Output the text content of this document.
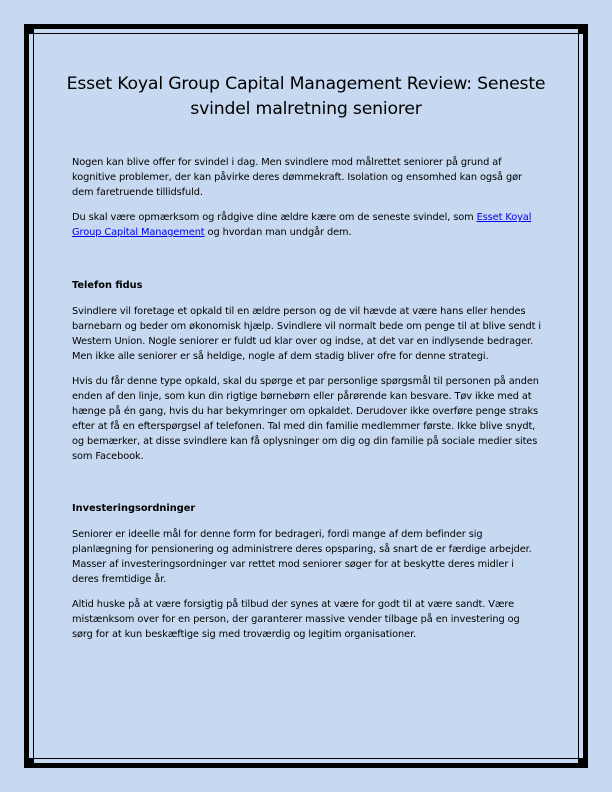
Esset Koyal Group Capital Management Review: Seneste svindel malretning seniorer

Nogen kan blive offer for svindel i dag. Men svindlere mod målrettet seniorer på grund af kognitive problemer, der kan påvirke deres dømmekraft. Isolation og ensomhed kan også gør dem faretruende tillidsfuld.

Du skal være opmærksom og rådgive dine ældre kære om de seneste svindel, som Esset Koyal Group Capital Management og hvordan man undgår dem.

Telefon fidus

Svindlere vil foretage et opkald til en ældre person og de vil hævde at være hans eller hendes barnebarn og beder om økonomisk hjælp. Svindlere vil normalt bede om penge til at blive sendt i Western Union. Nogle seniorer er fuldt ud klar over og indse, at det var en indlysende bedrager. Men ikke alle seniorer er så heldige, nogle af dem stadig bliver ofre for denne strategi.

Hvis du får denne type opkald, skal du spørge et par personlige spørgsmål til personen på anden enden af den linje, som kun din rigtige børnebørn eller pårørende kan besvare. Tøv ikke med at hænge på én gang, hvis du har bekymringer om opkaldet. Derudover ikke overføre penge straks efter at få en efterspørgsel af telefonen. Tal med din familie medlemmer første. Ikke blive snydt, og bemærker, at disse svindlere kan få oplysninger om dig og din familie på sociale medier sites som Facebook.

Investeringsordninger

Seniorer er ideelle mål for denne form for bedrageri, fordi mange af dem befinder sig planlægning for pensionering og administrere deres opsparing, så snart de er færdige arbejder. Masser af investeringsordninger var rettet mod seniorer søger for at beskytte deres midler i deres fremtidige år.

Altid huske på at være forsigtig på tilbud der synes at være for godt til at være sandt. Være mistænksom over for en person, der garanterer massive vender tilbage på en investering og sørg for at kun beskæftige sig med troværdig og legitim organisationer.
